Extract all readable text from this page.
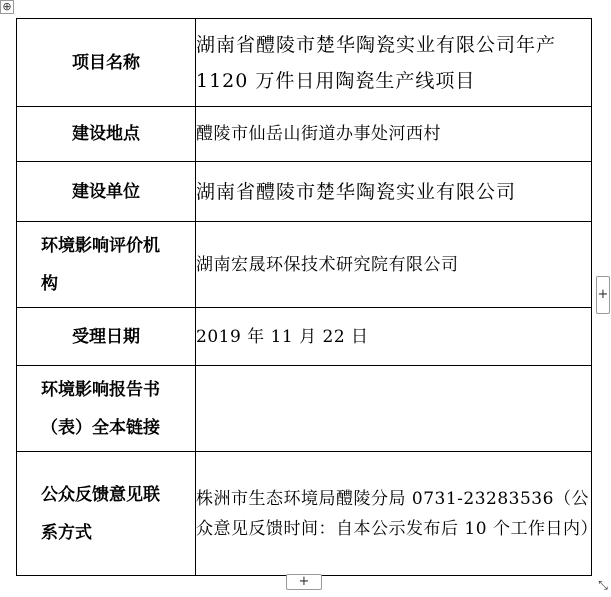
⊕
项目名称	湖南省醴陵市楚华陶瓷实业有限公司年产 1120 万件日用陶瓷生产线项目
建设地点	醴陵市仙岳山街道办事处河西村
建设单位	湖南省醴陵市楚华陶瓷实业有限公司
环境影响评价机构	湖南宏晟环保技术研究院有限公司
受理日期	2019 年 11 月 22 日
环境影响报告书（表）全本链接	
公众反馈意见联系方式	株洲市生态环境局醴陵分局 0731-23283536（公众意见反馈时间：自本公示发布后 10 个工作日内）
+
+	⤡
